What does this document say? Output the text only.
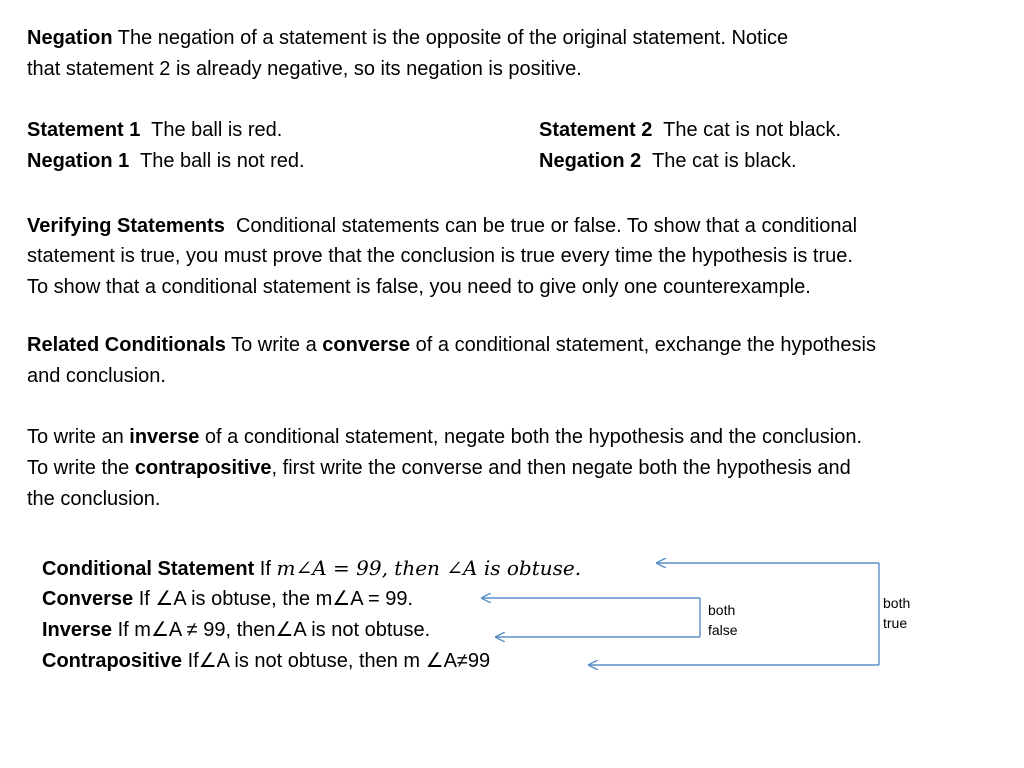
Negation The negation of a statement is the opposite of the original statement. Notice
that statement 2 is already negative, so its negation is positive.
Statement 1 The ball is red.
Negation 1 The ball is not red.
Statement 2 The cat is not black.
Negation 2 The cat is black.
Verifying Statements Conditional statements can be true or false. To show that a conditional
statement is true, you must prove that the conclusion is true every time the hypothesis is true.
To show that a conditional statement is false, you need to give only one counterexample.
Related Conditionals To write a converse of a conditional statement, exchange the hypothesis
and conclusion.
To write an inverse of a conditional statement, negate both the hypothesis and the conclusion.
To write the contrapositive, first write the converse and then negate both the hypothesis and
the conclusion.
Conditional Statement If m∠A = 99, then ∠A is obtuse.
Converse If ∠A is obtuse, the m∠A = 99.
Inverse If m∠A ≠ 99, then∠A is not obtuse.
Contrapositive If∠A is not obtuse, then m ∠A≠99
both
false
both
true
